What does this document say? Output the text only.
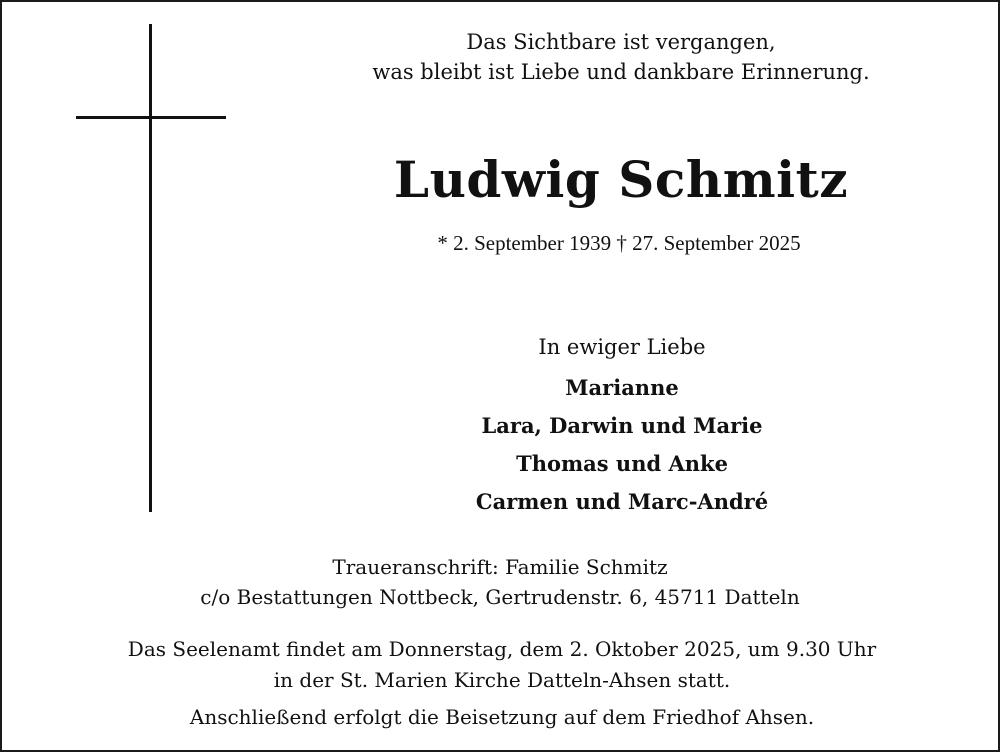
Das Sichtbare ist vergangen,
was bleibt ist Liebe und dankbare Erinnerung.
Ludwig Schmitz
* 2. September 1939 † 27. September 2025
In ewiger Liebe
Marianne
Lara, Darwin und Marie
Thomas und Anke
Carmen und Marc-André
Traueranschrift: Familie Schmitz
c/o Bestattungen Nottbeck, Gertrudenstr. 6, 45711 Datteln
Das Seelenamt findet am Donnerstag, dem 2. Oktober 2025, um 9.30 Uhr
in der St. Marien Kirche Datteln-Ahsen statt.
Anschließend erfolgt die Beisetzung auf dem Friedhof Ahsen.
